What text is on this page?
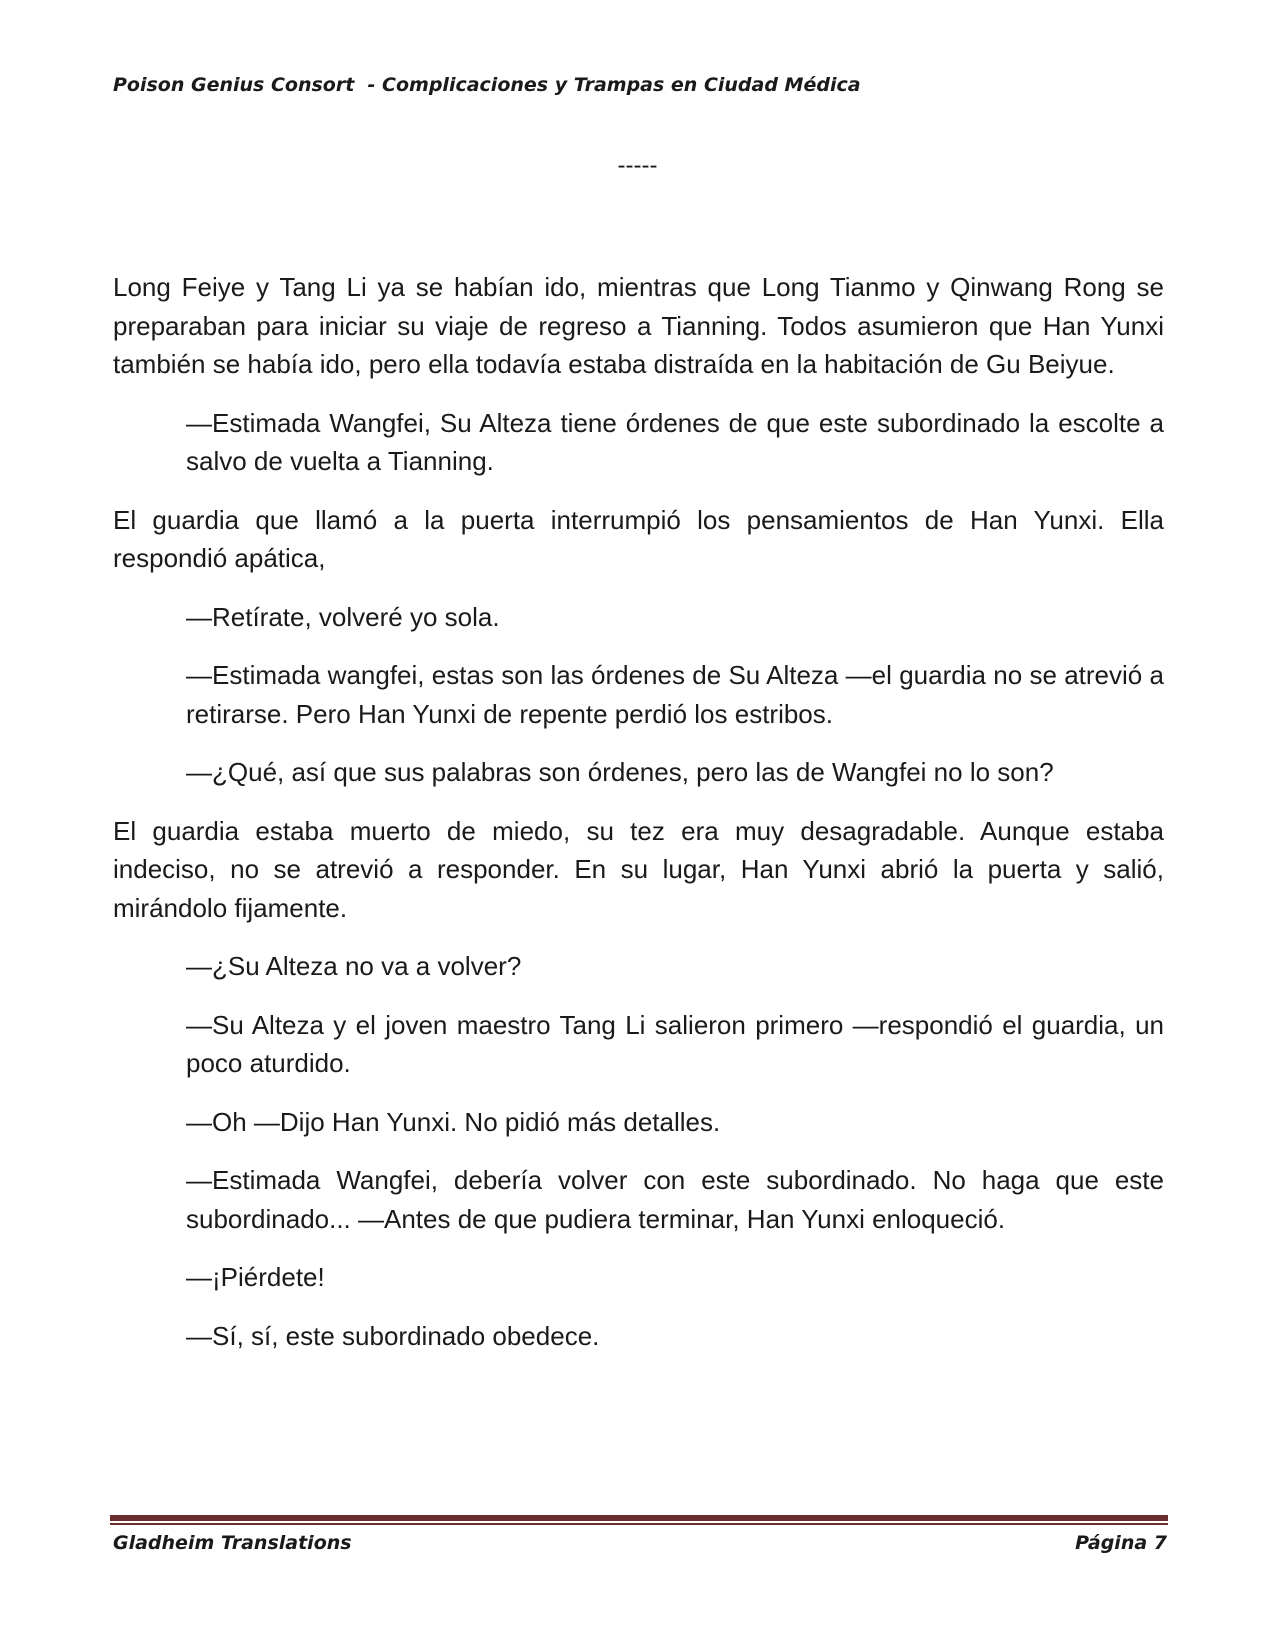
Poison Genius Consort  - Complicaciones y Trampas en Ciudad Médica
-----

Long Feiye y Tang Li ya se habían ido, mientras que Long Tianmo y Qinwang Rong se preparaban para iniciar su viaje de regreso a Tianning. Todos asumieron que Han Yunxi también se había ido, pero ella todavía estaba distraída en la habitación de Gu Beiyue.

—Estimada Wangfei, Su Alteza tiene órdenes de que este subordinado la escolte a salvo de vuelta a Tianning.

El guardia que llamó a la puerta interrumpió los pensamientos de Han Yunxi. Ella respondió apática,

—Retírate, volveré yo sola.

—Estimada wangfei, estas son las órdenes de Su Alteza —el guardia no se atrevió a retirarse. Pero Han Yunxi de repente perdió los estribos.

—¿Qué, así que sus palabras son órdenes, pero las de Wangfei no lo son?

El guardia estaba muerto de miedo, su tez era muy desagradable. Aunque estaba indeciso, no se atrevió a responder. En su lugar, Han Yunxi abrió la puerta y salió, mirándolo fijamente.

—¿Su Alteza no va a volver?

—Su Alteza y el joven maestro Tang Li salieron primero —respondió el guardia, un poco aturdido.

—Oh —Dijo Han Yunxi. No pidió más detalles.

—Estimada Wangfei, debería volver con este subordinado. No haga que este subordinado... —Antes de que pudiera terminar, Han Yunxi enloqueció.

—¡Piérdete!

—Sí, sí, este subordinado obedece.

Gladheim Translations	Página 7
